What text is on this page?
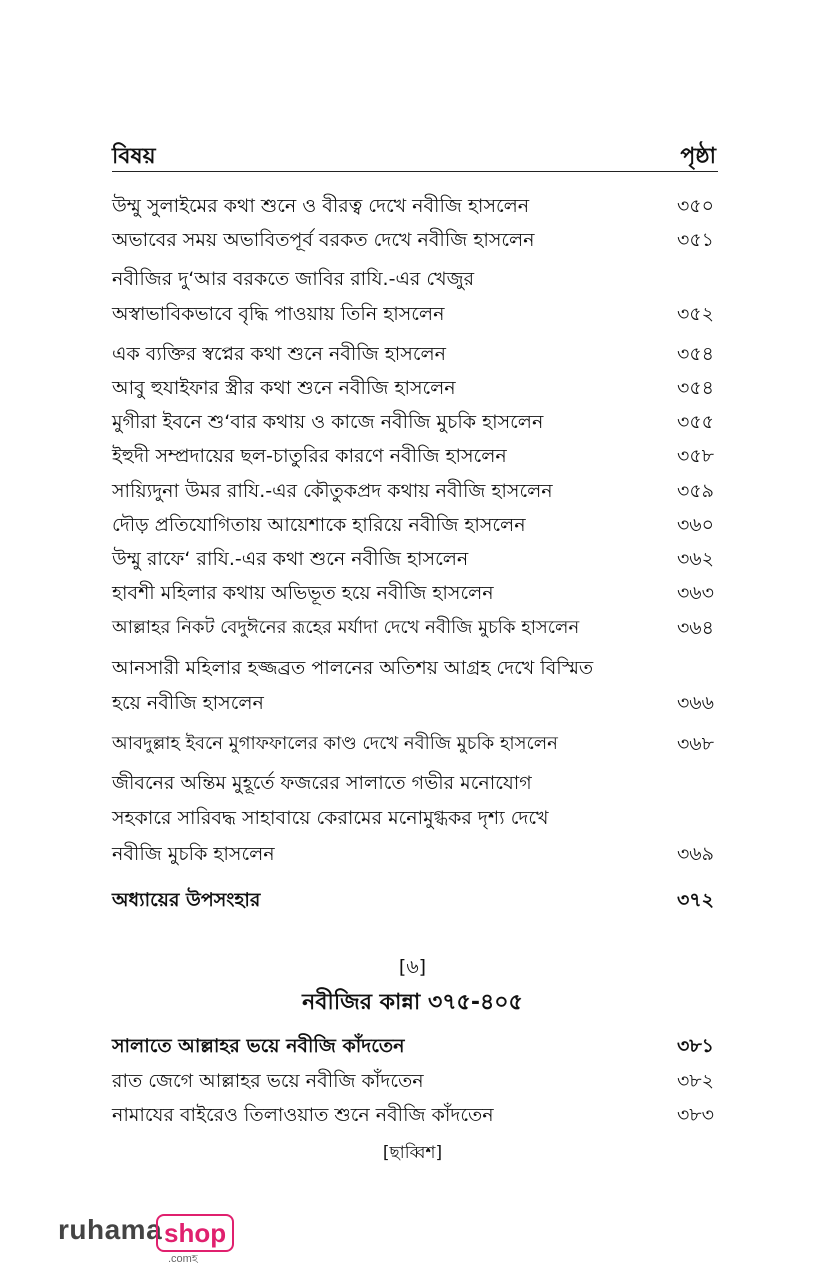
বিষয়	পৃষ্ঠা
উম্মু সুলাইমের কথা শুনে ও বীরত্ব দেখে নবীজি হাসলেন	৩৫০
অভাবের সময় অভাবিতপূর্ব বরকত দেখে নবীজি হাসলেন	৩৫১
নবীজির দু‘আর বরকতে জাবির রাযি.-এর খেজুর
অস্বাভাবিকভাবে বৃদ্ধি পাওয়ায় তিনি হাসলেন	৩৫২
এক ব্যক্তির স্বপ্নের কথা শুনে নবীজি হাসলেন	৩৫৪
আবু হুযাইফার স্ত্রীর কথা শুনে নবীজি হাসলেন	৩৫৪
মুগীরা ইবনে শু‘বার কথায় ও কাজে নবীজি মুচকি হাসলেন	৩৫৫
ইহুদী সম্প্রদায়ের ছল-চাতুরির কারণে নবীজি হাসলেন	৩৫৮
সায়্যিদুনা উমর রাযি.-এর কৌতুকপ্রদ কথায় নবীজি হাসলেন	৩৫৯
দৌড় প্রতিযোগিতায় আয়েশাকে হারিয়ে নবীজি হাসলেন	৩৬০
উম্মু রাফে‘ রাযি.-এর কথা শুনে নবীজি হাসলেন	৩৬২
হাবশী মহিলার কথায় অভিভূত হয়ে নবীজি হাসলেন	৩৬৩
আল্লাহর নিকট বেদুঈনের রূহের মর্যাদা দেখে নবীজি মুচকি হাসলেন	৩৬৪
আনসারী মহিলার হজ্জব্রত পালনের অতিশয় আগ্রহ দেখে বিস্মিত
হয়ে নবীজি হাসলেন	৩৬৬
আবদুল্লাহ ইবনে মুগাফফালের কাণ্ড দেখে নবীজি মুচকি হাসলেন	৩৬৮
জীবনের অন্তিম মুহূর্তে ফজরের সালাতে গভীর মনোযোগ
সহকারে সারিবদ্ধ সাহাবায়ে কেরামের মনোমুগ্ধকর দৃশ্য দেখে
নবীজি মুচকি হাসলেন	৩৬৯
অধ্যায়ের উপসংহার	৩৭২
[৬]
নবীজির কান্না ৩৭৫-৪০৫
সালাতে আল্লাহর ভয়ে নবীজি কাঁদতেন	৩৮১
রাত জেগে আল্লাহর ভয়ে নবীজি কাঁদতেন	৩৮২
নামাযের বাইরেও তিলাওয়াত শুনে নবীজি কাঁদতেন	৩৮৩
[ছাব্বিশ]
ruhama shop
.comহ
